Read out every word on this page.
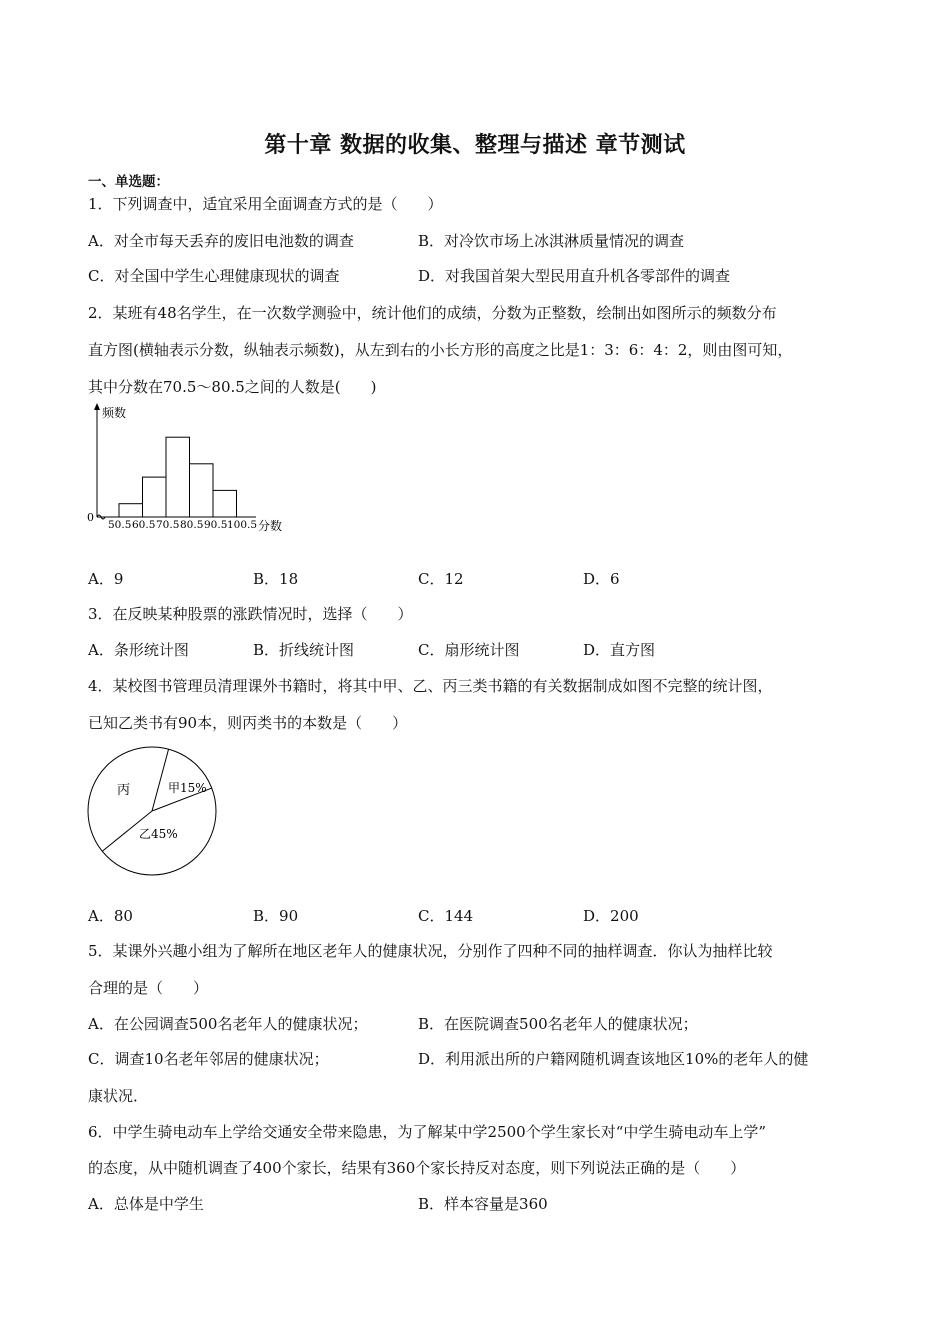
第十章 数据的收集、整理与描述 章节测试
一、单选题：
1．下列调查中，适宜采用全面调查方式的是（　　）
A．对全市每天丢弃的废旧电池数的调查	B．对冷饮市场上冰淇淋质量情况的调查
C．对全国中学生心理健康现状的调查	D．对我国首架大型民用直升机各零部件的调查
2．某班有48名学生，在一次数学测验中，统计他们的成绩，分数为正整数，绘制出如图所示的频数分布
直方图(横轴表示分数，纵轴表示频数)，从左到右的小长方形的高度之比是1：3：6：4：2，则由图可知，
其中分数在70.5～80.5之间的人数是(　　)
频数
0
50.5 60.5 70.5 80.5 90.5 100.5 分数
A．9	B．18	C．12	D．6
3．在反映某种股票的涨跌情况时，选择（　　）
A．条形统计图	B．折线统计图	C．扇形统计图	D．直方图
4．某校图书管理员清理课外书籍时，将其中甲、乙、丙三类书籍的有关数据制成如图不完整的统计图，
已知乙类书有90本，则丙类书的本数是（　　）
丙	甲15%
乙45%
A．80	B．90	C．144	D．200
5．某课外兴趣小组为了解所在地区老年人的健康状况，分别作了四种不同的抽样调查．你认为抽样比较
合理的是（　　）
A．在公园调查500名老年人的健康状况；	B．在医院调查500名老年人的健康状况；
C．调查10名老年邻居的健康状况；	D．利用派出所的户籍网随机调查该地区10%的老年人的健
康状况．
6．中学生骑电动车上学给交通安全带来隐患，为了解某中学2500个学生家长对“中学生骑电动车上学”
的态度，从中随机调查了400个家长，结果有360个家长持反对态度，则下列说法正确的是（　　）
A．总体是中学生	B．样本容量是360
